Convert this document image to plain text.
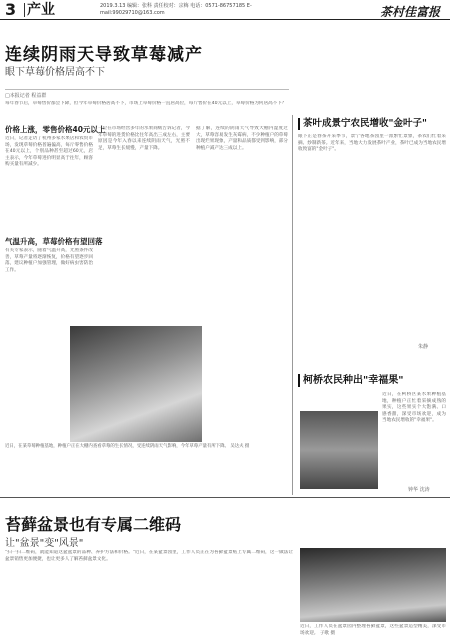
3 产业	2019.3.13 编辑：张科 责任校对：宗梅 电话：0571-86757185 E-mail:99029710@163.com	茶村佳富报
连续阴雨天导致草莓减产
眼下草莓价格居高不下
□本报记者 程益群
每年春节后，草莓售价都会下降，但今年草莓价格居高不下，市场上草莓价格一直居高位，每斤售价在40元以上，草莓价格为何居高不下？
价格上涨，零售价格40元以上
近日，记者走访了杭州多家水果店和农贸市场，发现草莓价格普遍偏高，每斤零售价格在40元以上，个别品种甚至超过60元，店主表示，今年草莓进价明显高于往年，顾客购买量有所减少。
一位在市场经营多年的水果商贩告诉记者，今年草莓的进货价格比往年高出三成左右，主要原因是今年入春以来连续阴雨天气，光照不足，草莓生长缓慢，产量下降。
据了解，连续的阴雨天气导致大棚内湿度过大，草莓容易发生灰霉病，不少种植户的草莓出现烂果现象，产量和品质都受到影响，部分种植户减产达三成以上。
气温升高，草莓价格有望回落
有关专家表示，随着气温升高，光照条件改善，草莓产量将逐渐恢复，价格有望逐步回落，建议种植户加强管理，做好病虫害防治工作。
近日，在某草莓种植基地，种植户正在大棚内查看草莓的生长情况，受连续阴雨天气影响，今年草莓产量有所下降。 吴达夫 摄
茶叶成景宁农民增收"金叶子"
眼下正是春茶开采季节，景宁各地茶园里一派繁忙景象，茶农们忙着采摘、炒制新茶。近年来，当地大力发展茶叶产业，茶叶已成为当地农民增收致富的"金叶子"。
朱静
柯桥农民种出"幸福果"
近日，在柯桥区某水果种植基地，种植户正忙着采摘成熟的果实，这些果实个大饱满、口感香甜，深受市场欢迎，成为当地农民增收的"幸福果"。
钟华 沈涛
苔藓盆景也有专属二维码
让"盆景"变"风景"
"扫一扫二维码，就能知道这盆盆景的品种、养护方法和价格。"近日，在某盆景园里，工作人员正在为苔藓盆景贴上专属二维码，这一做法让盆景销售更加便捷，也让更多人了解苔藓盆景文化。
近日，工作人员在盆景园内整理苔藓盆景，这些盆景造型精美，深受市场欢迎。 子歌 摄
